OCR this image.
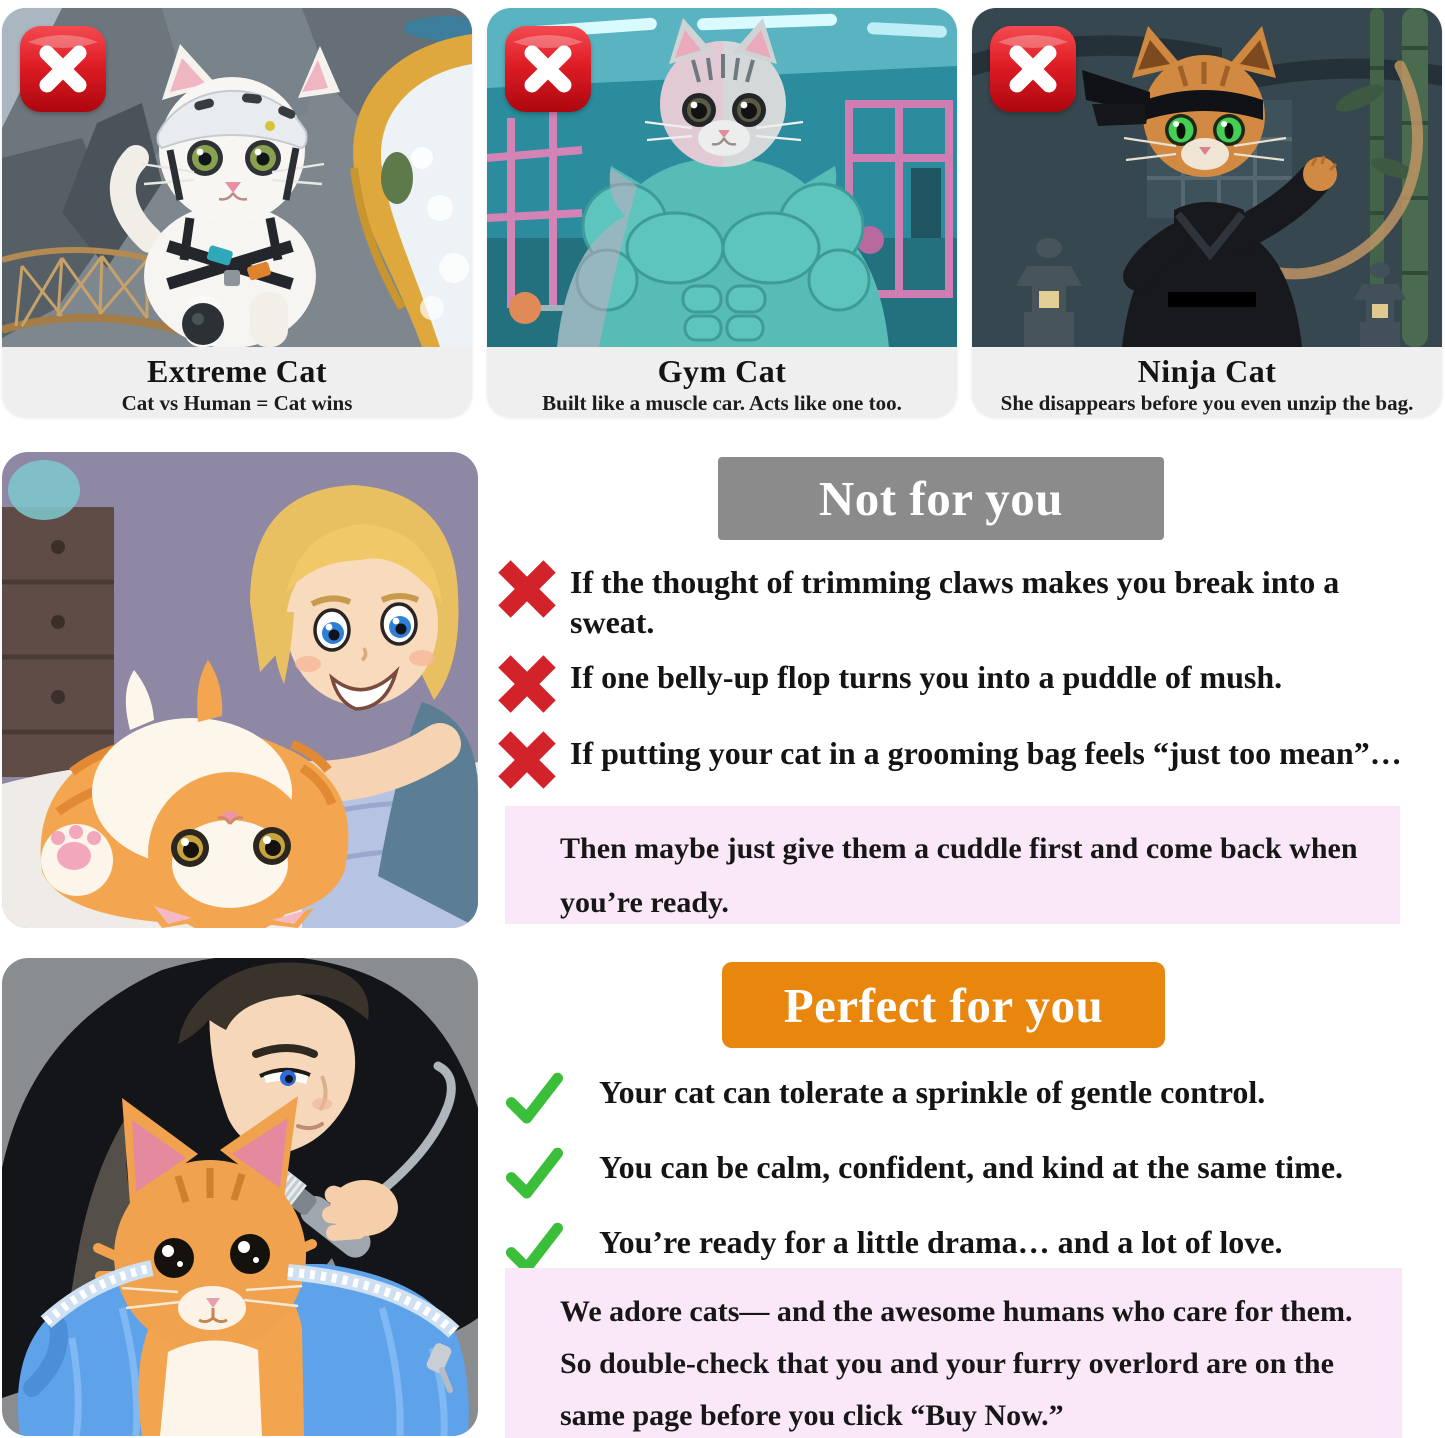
Extreme Cat

Cat vs Human = Cat wins

Gym Cat

Built like a muscle car. Acts like one too.

Ninja Cat

She disappears before you even unzip the bag.

Not for you
If the thought of trimming claws makes you break into a sweat.
If one belly-up flop turns you into a puddle of mush.
If putting your cat in a grooming bag feels “just too mean”…
Then maybe just give them a cuddle first and come back when you’re ready.
Perfect for you
Your cat can tolerate a sprinkle of gentle control.
You can be calm, confident, and kind at the same time.
You’re ready for a little drama… and a lot of love.
We adore cats— and the awesome humans who care for them. So double-check that you and your furry overlord are on the same page before you click “Buy Now.”
